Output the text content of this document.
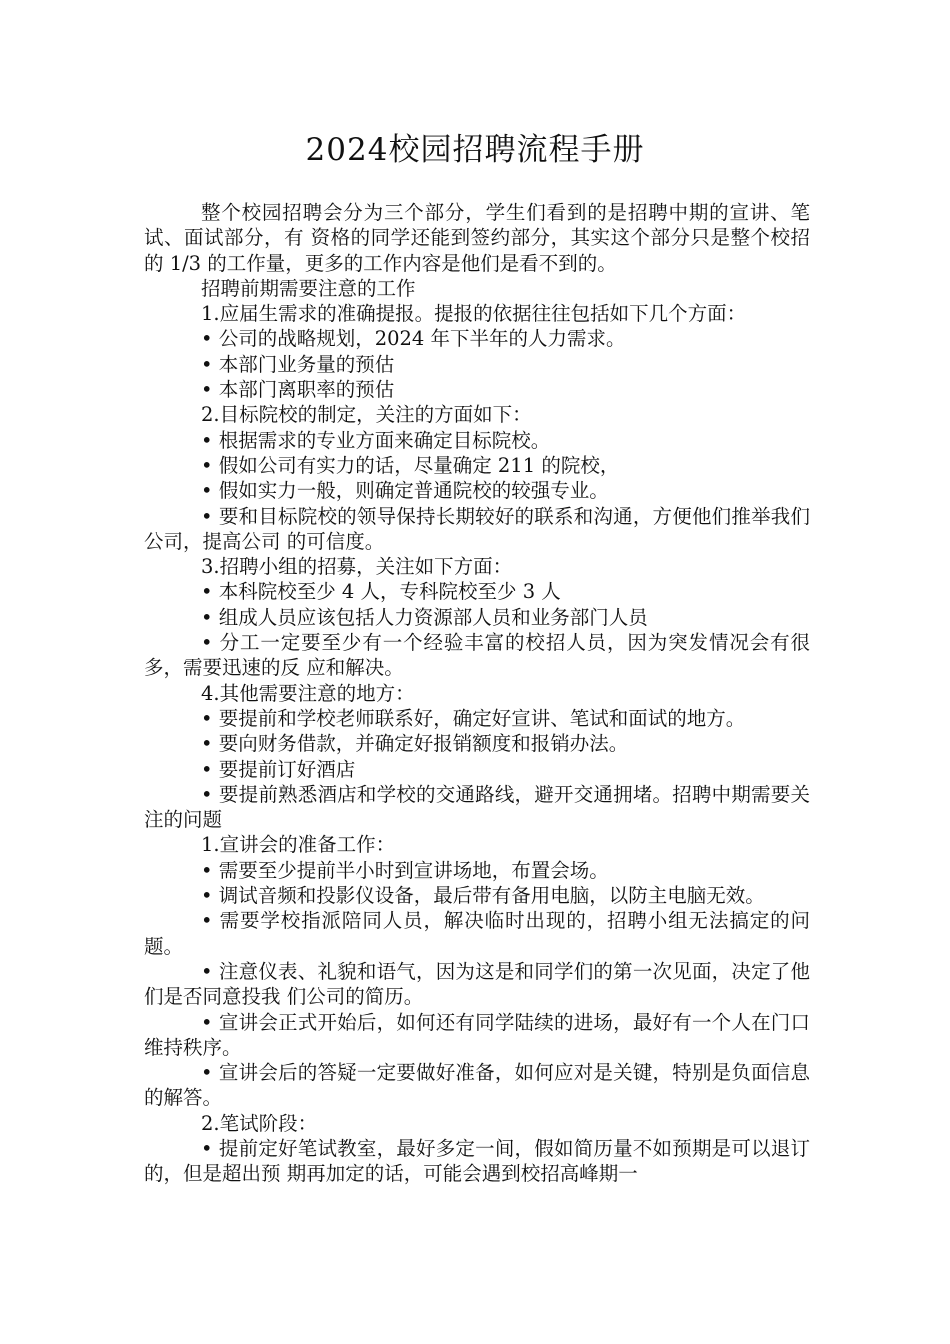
2024校园招聘流程手册

整个校园招聘会分为三个部分，学生们看到的是招聘中期的宣讲、笔试、面试部分，有 资格的同学还能到签约部分，其实这个部分只是整个校招的 1/3 的工作量，更多的工作内容是他们是看不到的。

招聘前期需要注意的工作

1.应届生需求的准确提报。提报的依据往往包括如下几个方面：

• 公司的战略规划，2024 年下半年的人力需求。

• 本部门业务量的预估

• 本部门离职率的预估

2.目标院校的制定，关注的方面如下：

• 根据需求的专业方面来确定目标院校。

• 假如公司有实力的话，尽量确定 211 的院校，

• 假如实力一般，则确定普通院校的较强专业。

• 要和目标院校的领导保持长期较好的联系和沟通，方便他们推举我们公司，提高公司 的可信度。

3.招聘小组的招募，关注如下方面：

• 本科院校至少 4 人，专科院校至少 3 人

• 组成人员应该包括人力资源部人员和业务部门人员

• 分工一定要至少有一个经验丰富的校招人员，因为突发情况会有很多，需要迅速的反 应和解决。

4.其他需要注意的地方：

• 要提前和学校老师联系好，确定好宣讲、笔试和面试的地方。

• 要向财务借款，并确定好报销额度和报销办法。

• 要提前订好酒店

• 要提前熟悉酒店和学校的交通路线，避开交通拥堵。招聘中期需要关注的问题

1.宣讲会的准备工作：

• 需要至少提前半小时到宣讲场地，布置会场。

• 调试音频和投影仪设备，最后带有备用电脑，以防主电脑无效。

• 需要学校指派陪同人员，解决临时出现的，招聘小组无法搞定的问题。

• 注意仪表、礼貌和语气，因为这是和同学们的第一次见面，决定了他们是否同意投我 们公司的简历。

• 宣讲会正式开始后，如何还有同学陆续的进场，最好有一个人在门口维持秩序。

• 宣讲会后的答疑一定要做好准备，如何应对是关键，特别是负面信息的解答。

2.笔试阶段：

• 提前定好笔试教室，最好多定一间，假如简历量不如预期是可以退订的，但是超出预 期再加定的话，可能会遇到校招高峰期一
